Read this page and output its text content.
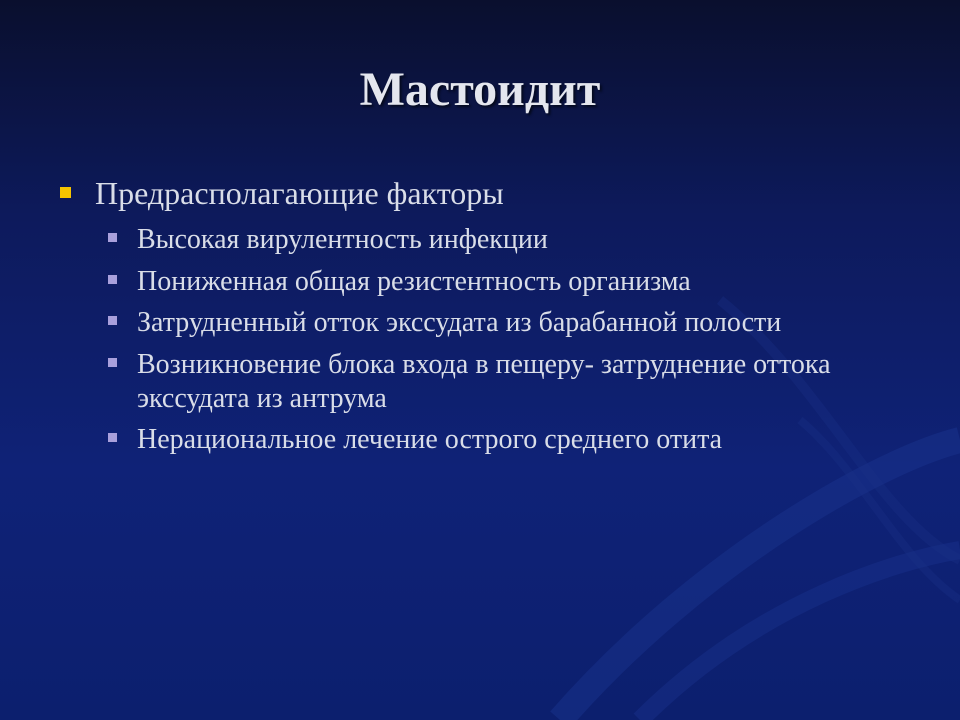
Мастоидит
Предрасполагающие факторы
Высокая вирулентность инфекции
Пониженная общая резистентность организма
Затрудненный отток экссудата из барабанной полости
Возникновение блока входа в пещеру- затруднение оттока экссудата из антрума
Нерациональное лечение острого среднего отита
